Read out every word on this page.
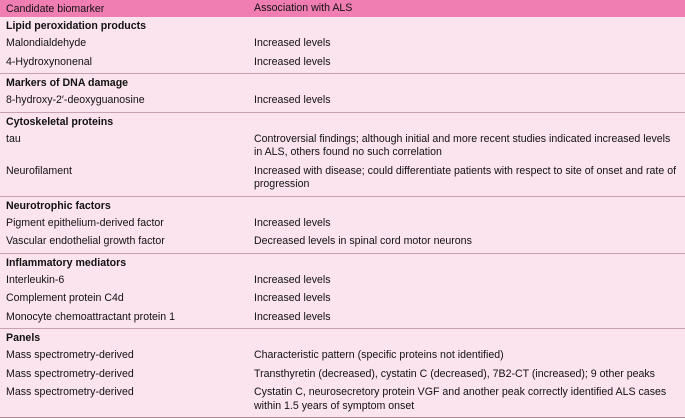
Candidate biomarker	Association with ALS
Lipid peroxidation products
Malondialdehyde	Increased levels
4-Hydroxynonenal	Increased levels
Markers of DNA damage
8-hydroxy-2′-deoxyguanosine	Increased levels
Cytoskeletal proteins
tau	Controversial findings; although initial and more recent studies indicated increased levels in ALS, others found no such correlation
Neurofilament	Increased with disease; could differentiate patients with respect to site of onset and rate of progression
Neurotrophic factors
Pigment epithelium-derived factor	Increased levels
Vascular endothelial growth factor	Decreased levels in spinal cord motor neurons
Inflammatory mediators
Interleukin-6	Increased levels
Complement protein C4d	Increased levels
Monocyte chemoattractant protein 1	Increased levels
Panels
Mass spectrometry-derived	Characteristic pattern (specific proteins not identified)
Mass spectrometry-derived	Transthyretin (decreased), cystatin C (decreased), 7B2-CT (increased); 9 other peaks
Mass spectrometry-derived	Cystatin C, neurosecretory protein VGF and another peak correctly identified ALS cases within 1.5 years of symptom onset
